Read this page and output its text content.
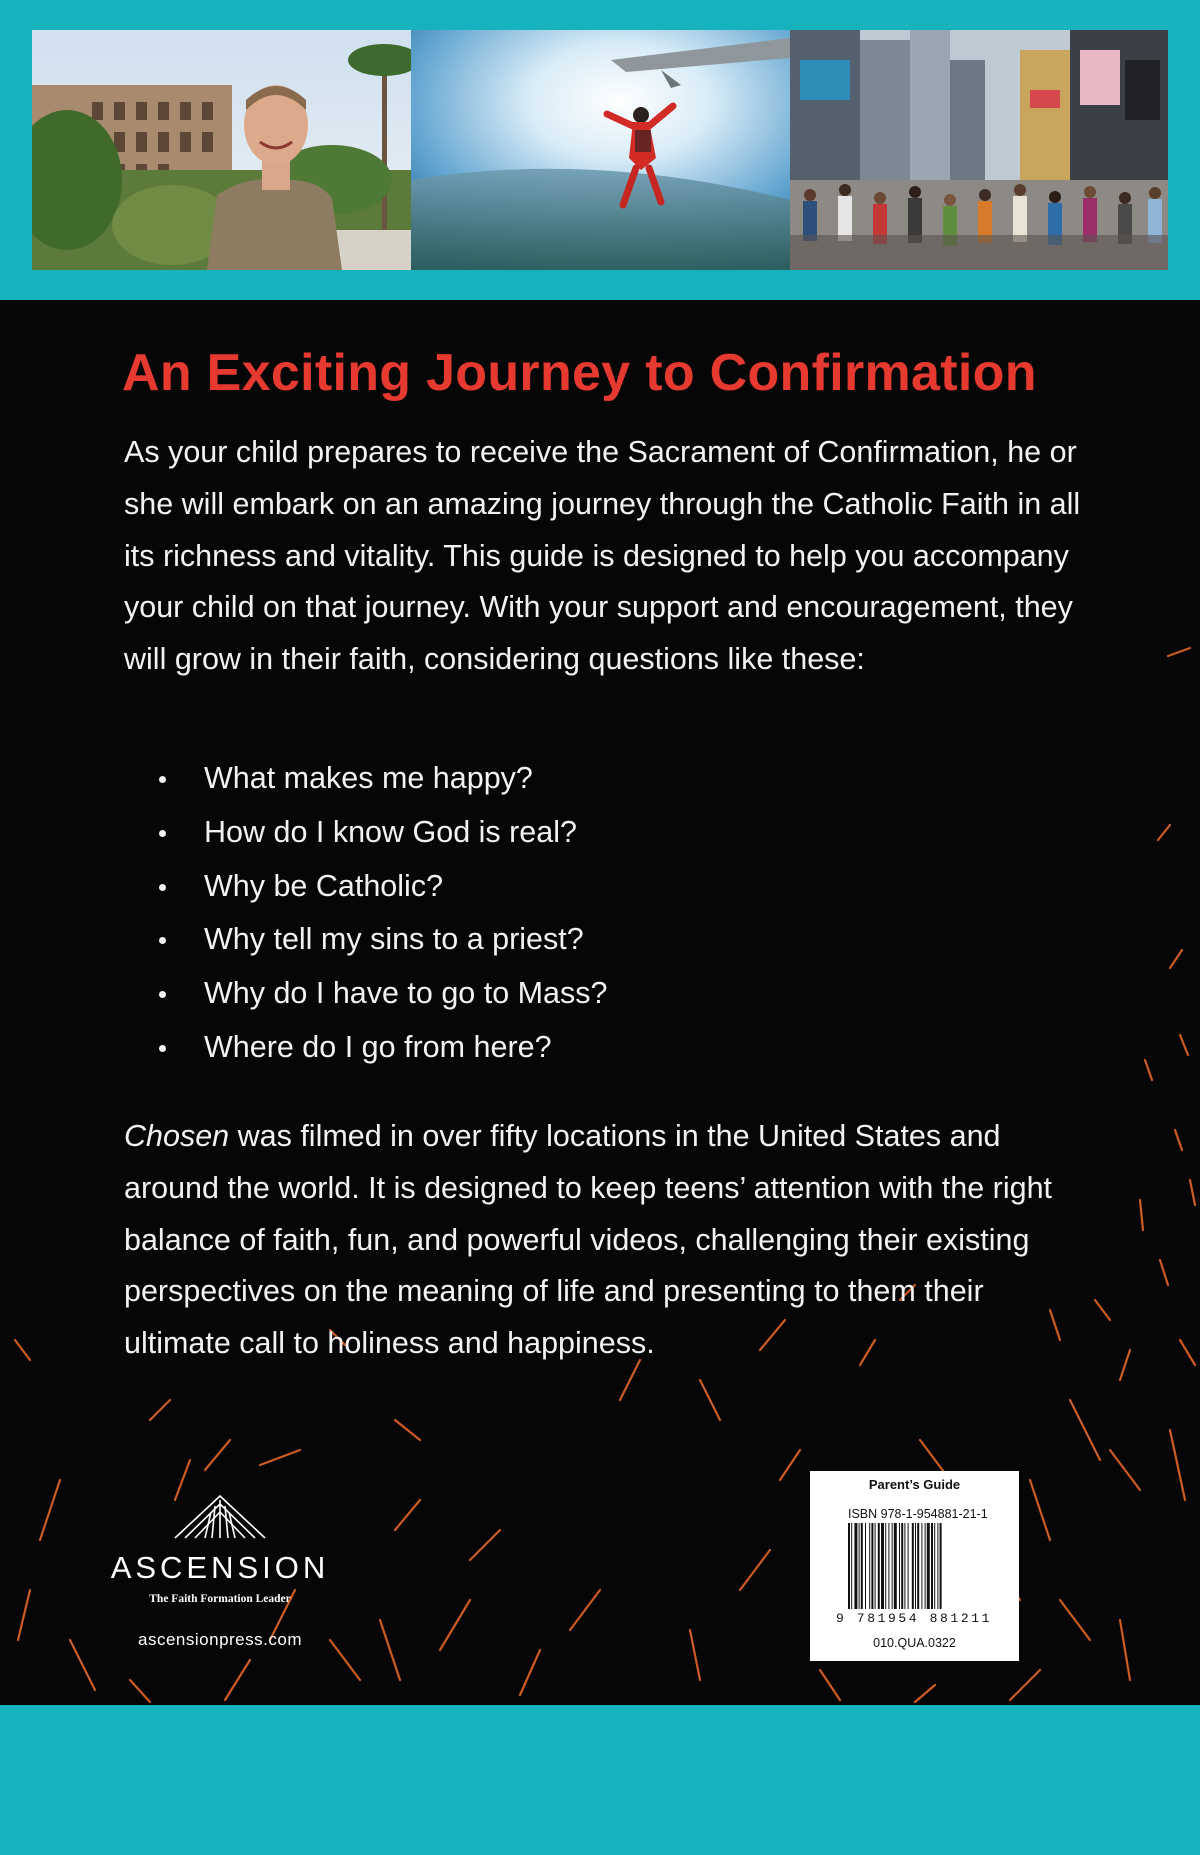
An Exciting Journey to Confirmation

As your child prepares to receive the Sacrament of Confirmation, he or she will embark on an amazing journey through the Catholic Faith in all its richness and vitality. This guide is designed to help you accompany your child on that journey. With your support and encouragement, they will grow in their faith, considering questions like these:

What makes me happy?
How do I know God is real?
Why be Catholic?
Why tell my sins to a priest?
Why do I have to go to Mass?
Where do I go from here?

Chosen was filmed in over fifty locations in the United States and around the world. It is designed to keep teens’ attention with the right balance of faith, fun, and powerful videos, challenging their existing perspectives on the meaning of life and presenting to them their ultimate call to holiness and happiness.

ASCENSION
The Faith Formation Leader
ascensionpress.com
Parent’s Guide
ISBN 978-1-954881-21-1
9 781954 881211
010.QUA.0322
